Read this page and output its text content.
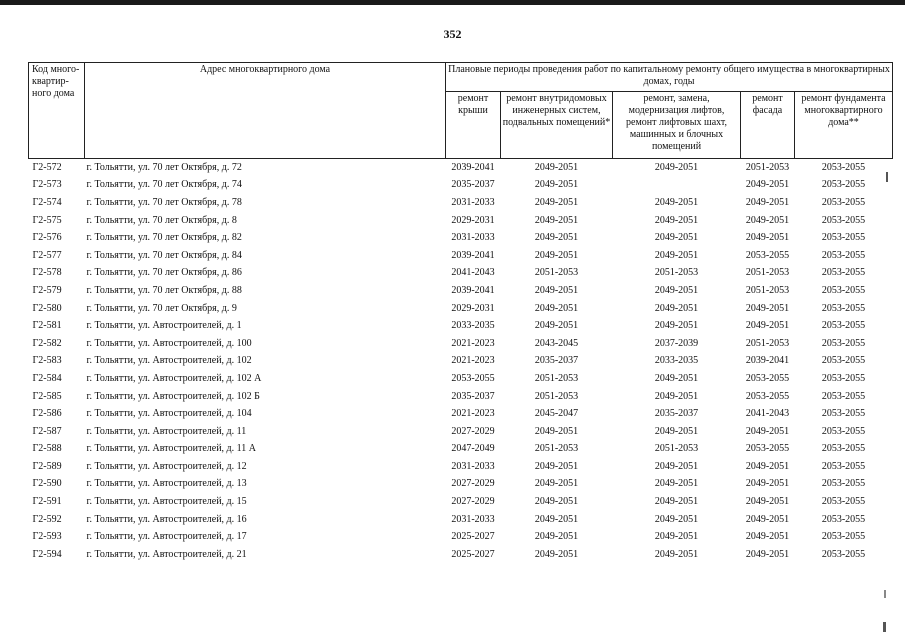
352
Код много-квартир-ного дома	Адрес многоквартирного дома	Плановые периоды проведения работ по капитальному ремонту общего имущества в многоквартирных домах, годы				
		ремонт крыши	ремонт внутридомовых инженерных систем, подвальных помещений*	ремонт, замена, модернизация лифтов, ремонт лифтовых шахт, машинных и блочных помещений	ремонт фасада	ремонт фундамента многоквартирного дома**
Г2-572	г. Тольятти, ул. 70 лет Октября, д. 72	2039-2041	2049-2051	2049-2051	2051-2053	2053-2055
Г2-573	г. Тольятти, ул. 70 лет Октября, д. 74	2035-2037	2049-2051		2049-2051	2053-2055
Г2-574	г. Тольятти, ул. 70 лет Октября, д. 78	2031-2033	2049-2051	2049-2051	2049-2051	2053-2055
Г2-575	г. Тольятти, ул. 70 лет Октября, д. 8	2029-2031	2049-2051	2049-2051	2049-2051	2053-2055
Г2-576	г. Тольятти, ул. 70 лет Октября, д. 82	2031-2033	2049-2051	2049-2051	2049-2051	2053-2055
Г2-577	г. Тольятти, ул. 70 лет Октября, д. 84	2039-2041	2049-2051	2049-2051	2053-2055	2053-2055
Г2-578	г. Тольятти, ул. 70 лет Октября, д. 86	2041-2043	2051-2053	2051-2053	2051-2053	2053-2055
Г2-579	г. Тольятти, ул. 70 лет Октября, д. 88	2039-2041	2049-2051	2049-2051	2051-2053	2053-2055
Г2-580	г. Тольятти, ул. 70 лет Октября, д. 9	2029-2031	2049-2051	2049-2051	2049-2051	2053-2055
Г2-581	г. Тольятти, ул. Автостроителей, д. 1	2033-2035	2049-2051	2049-2051	2049-2051	2053-2055
Г2-582	г. Тольятти, ул. Автостроителей, д. 100	2021-2023	2043-2045	2037-2039	2051-2053	2053-2055
Г2-583	г. Тольятти, ул. Автостроителей, д. 102	2021-2023	2035-2037	2033-2035	2039-2041	2053-2055
Г2-584	г. Тольятти, ул. Автостроителей, д. 102 А	2053-2055	2051-2053	2049-2051	2053-2055	2053-2055
Г2-585	г. Тольятти, ул. Автостроителей, д. 102 Б	2035-2037	2051-2053	2049-2051	2053-2055	2053-2055
Г2-586	г. Тольятти, ул. Автостроителей, д. 104	2021-2023	2045-2047	2035-2037	2041-2043	2053-2055
Г2-587	г. Тольятти, ул. Автостроителей, д. 11	2027-2029	2049-2051	2049-2051	2049-2051	2053-2055
Г2-588	г. Тольятти, ул. Автостроителей, д. 11 А	2047-2049	2051-2053	2051-2053	2053-2055	2053-2055
Г2-589	г. Тольятти, ул. Автостроителей, д. 12	2031-2033	2049-2051	2049-2051	2049-2051	2053-2055
Г2-590	г. Тольятти, ул. Автостроителей, д. 13	2027-2029	2049-2051	2049-2051	2049-2051	2053-2055
Г2-591	г. Тольятти, ул. Автостроителей, д. 15	2027-2029	2049-2051	2049-2051	2049-2051	2053-2055
Г2-592	г. Тольятти, ул. Автостроителей, д. 16	2031-2033	2049-2051	2049-2051	2049-2051	2053-2055
Г2-593	г. Тольятти, ул. Автостроителей, д. 17	2025-2027	2049-2051	2049-2051	2049-2051	2053-2055
Г2-594	г. Тольятти, ул. Автостроителей, д. 21	2025-2027	2049-2051	2049-2051	2049-2051	2053-2055
